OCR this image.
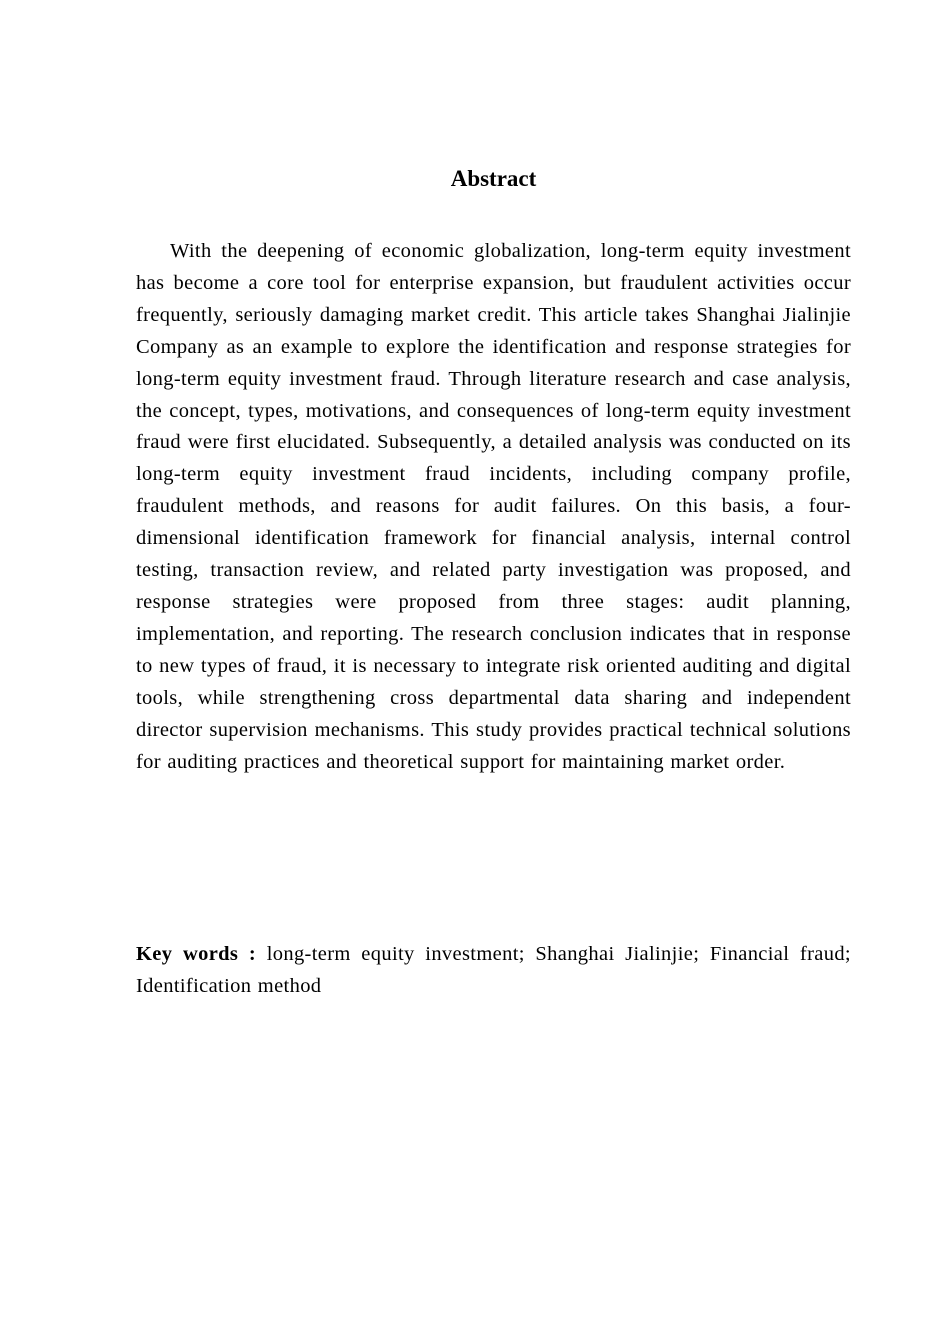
Abstract

With the deepening of economic globalization, long-term equity investment has become a core tool for enterprise expansion, but fraudulent activities occur frequently, seriously damaging market credit. This article takes Shanghai Jialinjie Company as an example to explore the identification and response strategies for long-term equity investment fraud. Through literature research and case analysis, the concept, types, motivations, and consequences of long-term equity investment fraud were first elucidated. Subsequently, a detailed analysis was conducted on its long-term equity investment fraud incidents, including company profile, fraudulent methods, and reasons for audit failures. On this basis, a four-dimensional identification framework for financial analysis, internal control testing, transaction review, and related party investigation was proposed, and response strategies were proposed from three stages: audit planning, implementation, and reporting. The research conclusion indicates that in response to new types of fraud, it is necessary to integrate risk oriented auditing and digital tools, while strengthening cross departmental data sharing and independent director supervision mechanisms. This study provides practical technical solutions for auditing practices and theoretical support for maintaining market order.

Key words : long-term equity investment; Shanghai Jialinjie; Financial fraud; Identification method
